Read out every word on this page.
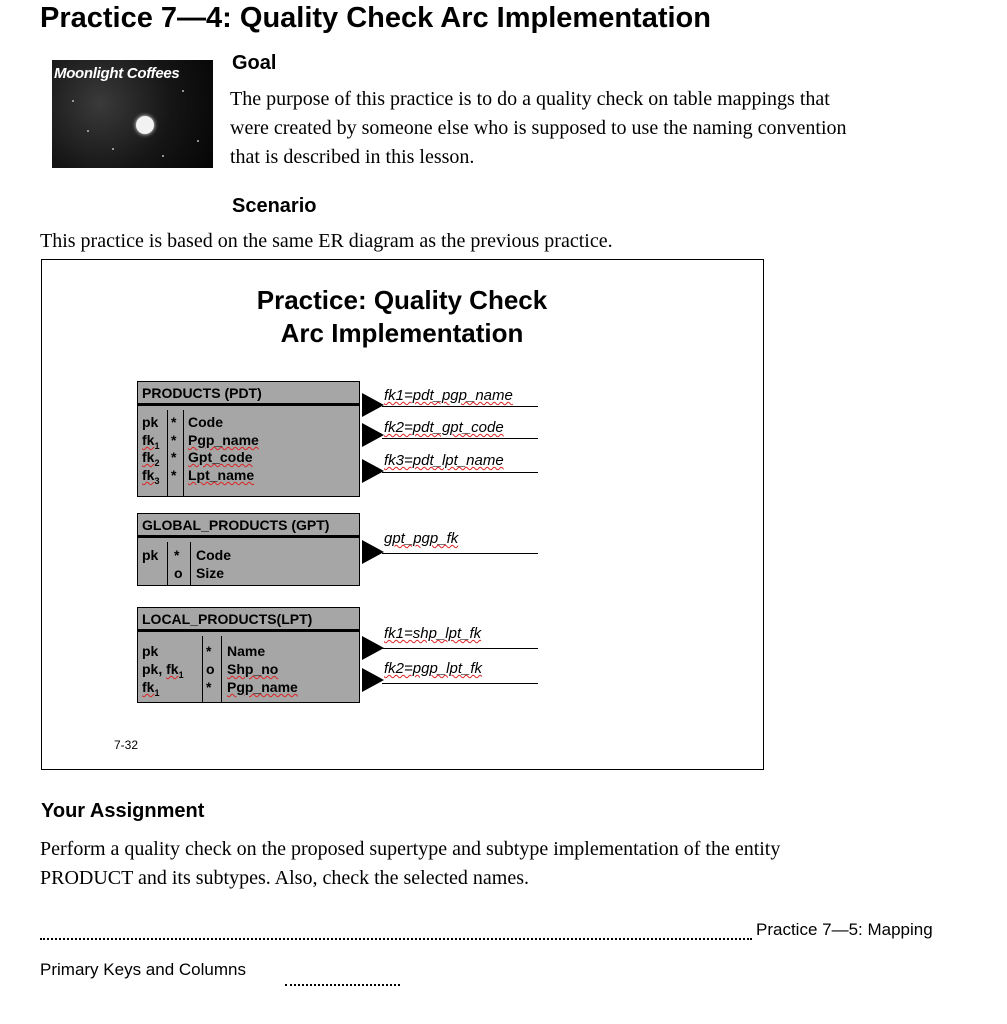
Practice 7—4: Quality Check Arc Implementation
Moonlight Coffees	Goal
The purpose of this practice is to do a quality check on table mappings that
were created by someone else who is supposed to use the naming convention
that is described in this lesson.
Scenario
This practice is based on the same ER diagram as the previous practice.
Practice: Quality Check
Arc Implementation
PRODUCTS (PDT)
pk
$fk_1$
$fk_2$
$fk_3$
*
*
*
*
Code
Pgp_name
Gpt_code
Lpt_name
fk1=pdt_pgp_name
fk2=pdt_gpt_code
fk3=pdt_lpt_name
GLOBAL_PRODUCTS (GPT)
pk *
o
Code
Size
gpt_pgp_fk
LOCAL_PRODUCTS(LPT)
pk
pk, $fk_1$
$fk_1$
*
o
*
Name
Shp_no
Pgp_name
fk1=shp_lpt_fk
fk2=pgp_lpt_fk
7-32
Your Assignment
Perform a quality check on the proposed supertype and subtype implementation of the entity
PRODUCT and its subtypes. Also, check the selected names.
Practice 7—5: Mapping
Primary Keys and Columns
